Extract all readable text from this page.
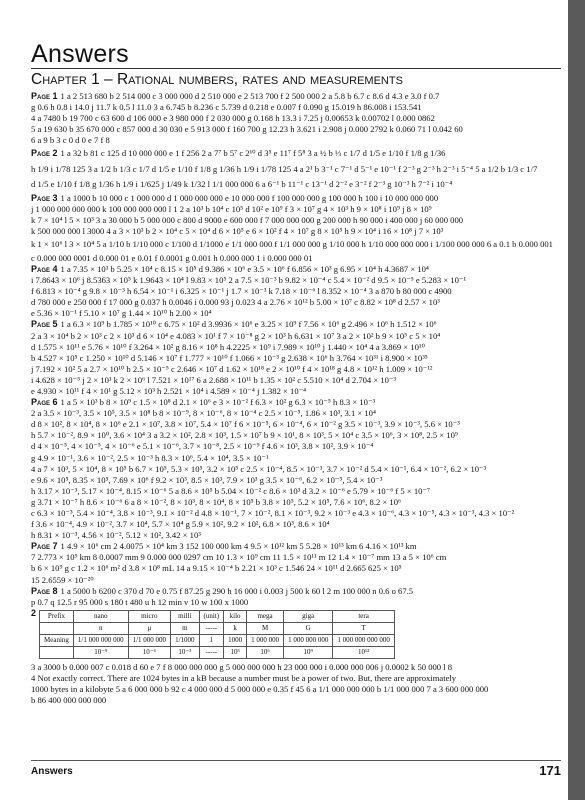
Answers
Chapter 1 – Rational numbers, rates and measurements
Page 1 1 a 2 513 680 b 2 514 000 c 3 000 000 d 2 510 000 e 2 513 700 f 2 500 000 2 a 5.8 b 6.7 c 8.6 d 4.3 e 3.0 f 0.7
g 0.6 h 0.8 i 14.0 j 11.7 k 0.5 l 11.0 3 a 6.745 b 8.236 c 5.739 d 0.218 e 0.007 f 0.090 g 15.019 h 86.008 i 153.541
4 a 7480 b 19 700 c 63 600 d 106 000 e 3 980 000 f 2 030 000 g 0.168 h 13.3 i 7.25 j 0.00653 k 0.00702 l 0.000 0862
5 a 19 630 b 35 670 000 c 857 000 d 30 030 e 5 913 000 f 160 700 g 12.23 h 3.621 i 2.908 j 0.000 2792 k 0.060 71 l 0.042 60
6 a 9 b 3 c 0 d 0 e 7 f 8
Page 2 1 a 32 b 81 c 125 d 10 000 000 e 1 f 256 2 a 7⁷ b 5⁷ c 2¹⁰ d 3⁵ e 11⁷ f 5⁸ 3 a ½ b ⅓ c 1/7 d 1/5 e 1/10 f 1/8 g 1/36
h 1/9 i 1/78 125 3 a 1/2 b 1/3 c 1/7 d 1/5 e 1/10 f 1/8 g 1/36 h 1/9 i 1/78 125 4 a 2¹ b 3⁻¹ c 7⁻¹ d 5⁻¹ e 10⁻¹ f 2⁻³ g 2⁻³ h 2⁻³ i 5⁻⁴ 5 a 1/2 b 1/3 c 1/7
d 1/5 e 1/10 f 1/8 g 1/36 h 1/9 i 1/625 j 1/49 k 1/32 l 1/1 000 000 6 a 6⁻¹ b 11⁻¹ c 13⁻¹ d 2⁻² e 3⁻² f 2⁻³ g 10⁻³ h 7⁻² i 10⁻⁴
Page 3 1 a 1000 b 10 000 c 1 000 000 d 1 000 000 000 e 10 000 000 f 100 000 000 g 100 000 h 100 i 10 000 000 000
j 1 000 000 000 000 k 100 000 000 000 l 1 2 a 10³ b 10⁴ c 10⁵ d 10² e 10⁹ f 3 × 10⁷ g 4 × 10³ h 9 × 10⁸ i 10⁹ j 8 × 10⁹
k 7 × 10⁴ l 5 × 10³ 3 a 30 000 b 5 000 000 c 800 d 9000 e 600 000 f 7 000 000 000 g 200 000 h 90 000 i 400 000 j 60 000 000
k 500 000 000 l 3000 4 a 3 × 10³ b 2 × 10⁴ c 5 × 10⁴ d 6 × 10⁵ e 6 × 10² f 4 × 10⁷ g 8 × 10⁵ h 9 × 10⁴ i 16 × 10⁸ j 7 × 10³
k 1 × 10⁶ l 3 × 10⁴ 5 a 1/10 b 1/10 000 c 1/100 d 1/1000 e 1/1 000 000 f 1/1 000 000 g 1/10 000 h 1/10 000 000 000 i 1/100 000 000 6 a 0.1 b 0.000 001
c 0.000 000 0001 d 0.000 01 e 0.01 f 0.0001 g 0.001 h 0.000 000 1 i 0.000 000 01
Page 4 1 a 7.35 × 10³ b 5.25 × 10⁴ c 8.15 × 10⁵ d 9.386 × 10⁶ e 3.5 × 10⁶ f 6.856 × 10³ g 6.95 × 10⁴ h 4.3687 × 10⁴
i 7.8643 × 10⁶ j 8.5363 × 10⁵ k 1.9643 × 10⁴ l 9.83 × 10⁵ 2 a 7.5 × 10⁻³ b 9.82 × 10⁻⁴ c 5.4 × 10⁻² d 9.5 × 10⁻⁵ e 5.283 × 10⁻¹
f 6.813 × 10⁻⁴ g 9.8 × 10⁻³ h 6.54 × 10⁻¹ i 6.325 × 10⁻¹ j 1.7 × 10⁻³ k 7.18 × 10⁻⁶ l 8.352 × 10⁻⁴ 3 a 870 b 80 000 c 4900
d 780 000 e 250 000 f 17 000 g 0.037 h 0.0046 i 0.000 93 j 0.023 4 a 2.76 × 10¹² b 5.00 × 10⁷ c 8.82 × 10⁸ d 2.57 × 10³
e 5.36 × 10⁻¹ f 5.10 × 10⁷ g 1.44 × 10¹⁰ h 2.00 × 10⁴
Page 5 1 a 6.3 × 10⁹ b 1.785 × 10¹⁰ c 6.75 × 10² d 3.9936 × 10⁶ e 3.25 × 10⁹ f 7.56 × 10⁶ g 2.496 × 10⁶ h 1.512 × 10⁶
2 a 3 × 10⁴ b 2 × 10³ c 2 × 10³ d 6 × 10⁴ e 4.083 × 10¹ f 7 × 10⁻⁸ g 2 × 10³ h 6.631 × 10⁷ 3 a 2 × 10² b 9 × 10⁵ c 5 × 10⁴
d 1.575 × 10¹¹ e 5.76 × 10¹⁰ f 3.264 × 10² g 8.16 × 10⁸ h 4.2225 × 10⁹ i 7.989 × 10¹⁰ j 1.440 × 10⁴ 4 a 3.869 × 10¹⁰
b 4.527 × 10⁵ c 1.250 × 10¹⁰ d 5.146 × 10⁷ f 1.777 × 10¹⁰ f 1.066 × 10⁻³ g 2.638 × 10⁶ h 3.764 × 10³¹ i 8.900 × 10³⁵
j 7.192 × 10² 5 a 2.7 × 10¹⁰ b 2.5 × 10⁻⁵ c 2.646 × 10⁷ d 1.62 × 10¹⁸ e 2 × 10¹⁰ f 4 × 10¹⁸ g 4.8 × 10¹² h 1.009 × 10⁻¹²
i 4.628 × 10⁻⁵ j 2 × 10³ k 2 × 10⁶ l 7.521 × 10¹⁷ 6 a 2.688 × 10¹¹ b 1.35 × 10² c 5.510 × 10⁴ d 2.704 × 10⁻³
e 4.930 × 10¹¹ f 4 × 10¹ g 5.12 × 10³ h 2.521 × 10⁴ i 4.589 × 10⁻⁴ j 1.382 × 10⁻⁴
Page 6 1 a 5 × 10³ b 8 × 10⁹ c 1.5 × 10⁸ d 2.1 × 10⁶ e 3 × 10⁻² f 6.3 × 10² g 6.3 × 10⁻⁵ h 8.3 × 10⁻³
2 a 3.5 × 10⁻³, 3.5 × 10⁵, 3.5 × 10⁸ b 8 × 10⁻⁹, 8 × 10⁻⁶, 8 × 10⁻⁴ c 2.5 × 10⁻⁵, 1.86 × 10³, 3.1 × 10⁴
d 8 × 10², 8 × 10⁴, 8 × 10⁶ e 2.1 × 10⁷, 3.8 × 10⁷, 5.4 × 10⁷ f 6 × 10⁻⁵, 6 × 10⁻⁴, 6 × 10⁻² g 3.5 × 10⁻³, 3.9 × 10⁻³, 5.6 × 10⁻³
h 5.7 × 10⁻², 8.9 × 10⁰, 3.6 × 10⁴ 3 a 3.2 × 10², 2.8 × 10³, 1.5 × 10⁷ b 9 × 10¹, 8 × 10³, 5 × 10⁴ c 3.5 × 10⁶, 3 × 10⁸, 2.5 × 10⁹
d 4 × 10⁻⁵, 4 × 10⁻⁵, 4 × 10⁻⁶ e 5.1 × 10⁻⁶, 3.7 × 10⁻⁸, 2.5 × 10⁻⁹ f 4.6 × 10³, 3.8 × 10², 3.9 × 10⁻⁴
g 4.9 × 10⁻¹, 3.6 × 10⁻², 2.5 × 10⁻³ h 8.3 × 10⁶, 5.4 × 10⁴, 3.5 × 10⁻¹
4 a 7 × 10³, 5 × 10⁴, 8 × 10⁵ b 6.7 × 10⁵, 5.3 × 10⁵, 3.2 × 10⁵ c 2.5 × 10⁻⁴, 8.5 × 10⁻³, 3.7 × 10⁻² d 5.4 × 10⁻¹, 6.4 × 10⁻², 6.2 × 10⁻³
e 9.6 × 10⁵, 8.35 × 10⁵, 7.69 × 10⁶ f 9.2 × 10³, 8.5 × 10³, 7.9 × 10³ g 3.5 × 10⁻⁶, 6.2 × 10⁻⁵, 5.4 × 10⁻³
h 3.17 × 10⁻³, 5.17 × 10⁻⁴, 8.15 × 10⁻⁶ 5 a 8.6 × 10⁵ b 5.04 × 10⁻² c 8.6 × 10³ d 3.2 × 10⁻⁶ e 5.79 × 10⁻⁶ f 5 × 10⁻⁷
g 3.71 × 10⁻⁷ h 8.6 × 10⁻⁶ 6 a 8 × 10⁻², 8 × 10³, 8 × 10⁴, 8 × 10⁵ b 3.8 × 10⁵, 5.2 × 10⁵, 7.6 × 10⁶, 8.2 × 10⁶
c 6.3 × 10⁻³, 5.4 × 10⁻⁴, 3.8 × 10⁻³, 9.1 × 10⁻² d 4.8 × 10⁻¹, 7 × 10⁻², 8.1 × 10⁻³, 9.2 × 10⁻³ e 4.3 × 10⁻⁶, 4.3 × 10⁻⁵, 4.3 × 10⁻³, 4.3 × 10⁻²
f 3.6 × 10⁻⁴, 4.9 × 10⁻², 3.7 × 10⁴, 5.7 × 10⁴ g 5.9 × 10², 9.2 × 10², 6.8 × 10³, 8.6 × 10⁴
h 8.31 × 10⁻³, 4.56 × 10⁻², 5.12 × 10², 3.42 × 10³
Page 7 1 4.9 × 10⁶ cm 2 4.0075 × 10⁴ km 3 152 100 000 km 4 9.5 × 10¹² km 5 5.28 × 10¹³ km 6 4.16 × 10¹³ km
7 2.773 × 10⁹ km 8 0.0007 mm 9 0.000 000 0297 cm 10 1.3 × 10⁹ cm 11 1.5 × 10¹¹ m 12 1.4 × 10⁻⁷ mm 13 a 5 × 10⁶ cm
b 6 × 10⁹ g c 1.2 × 10⁶ m² d 3.8 × 10⁸ mL 14 a 9.15 × 10⁻⁴ b 2.21 × 10³ c 1.546 24 × 10¹¹ d 2.665 625 × 10⁵
15 2.6559 × 10⁻²⁰
Page 8 1 a 5000 b 6200 c 370 d 70 e 0.75 f 87.25 g 290 h 16 000 i 0.003 j 500 k 60 l 2 m 100 000 n 0.6 o 67.5
p 0.7 q 12.5 r 95 000 s 180 t 480 u h 12 min v 10 w 100 x 1000
2 Prefix	nano	micro	milli	(unit)	kilo	mega	giga	tera
	n	μ	m	-----	k	M	G	T
Meaning	1/1 000 000 000	1/1 000 000	1/1000	1	1000	1 000 000	1 000 000 000	1 000 000 000 000
	10⁻⁹	10⁻⁶	10⁻³	-----	10³	10⁶	10⁹	10¹²
3 a 3000 b 0.000 007 c 0.018 d 60 e 7 f 8 000 000 000 g 5 000 000 000 h 23 000 000 i 0.000 000 006 j 0.0002 k 50 000 l 8
4 Not exactly correct. There are 1024 bytes in a kB because a number must be a power of two. But, there are approximately
1000 bytes in a kilobyte 5 a 6 000 000 b 92 c 4 000 000 d 5 000 000 e 0.35 f 45 6 a 1/1 000 000 000 b 1/1 000 000 7 a 3 600 000 000
b 86 400 000 000 000
Answers	171
